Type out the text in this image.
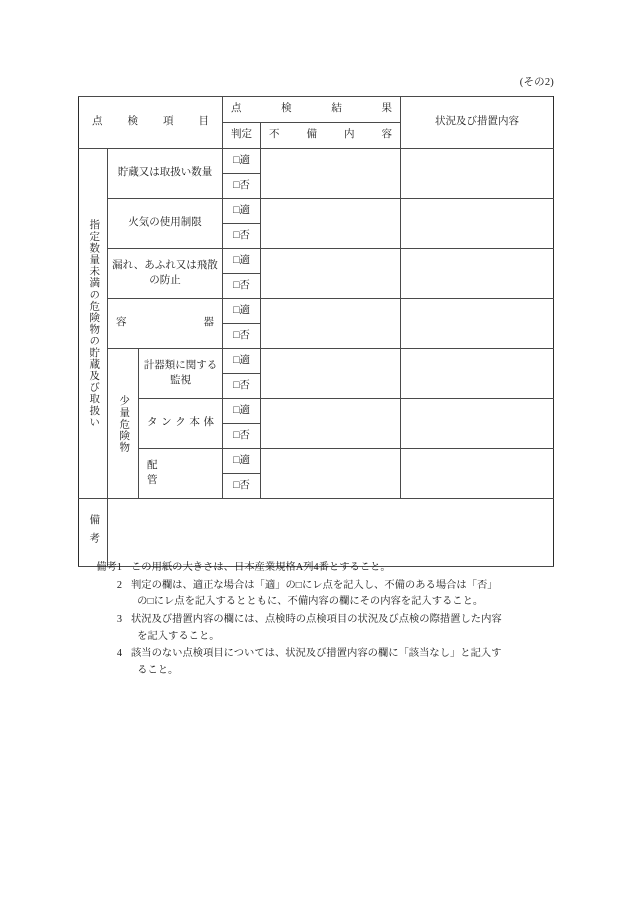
(その2)
点 検 項 目			点　検　結　果		状況及び措置内容
			判定	不　備　内　容	

指定数量未満の危険物の貯蔵及び取扱い	貯蔵又は取扱い数量		□適		
			□否		
	火気の使用制限		□適		
			□否		
	漏れ、あふれ又は飛散の防止		□適		
			□否		

	容　　　　　　器		□適		
			□否		

	少量危険物	計器類に関する監視	□適		
			□否		

		タ ン ク 本 体	□適		
			□否		

		配　　　　　　管	□適		
			□否		

備考					

備考1 この用紙の大きさは、日本産業規格A列4番とすること。
2 判定の欄は、適正な場合は「適」の□にレ点を記入し、不備のある場合は「否」
の□にレ点を記入するとともに、不備内容の欄にその内容を記入すること。
3 状況及び措置内容の欄には、点検時の点検項目の状況及び点検の際措置した内容
を記入すること。
4 該当のない点検項目については、状況及び措置内容の欄に「該当なし」と記入す
ること。
